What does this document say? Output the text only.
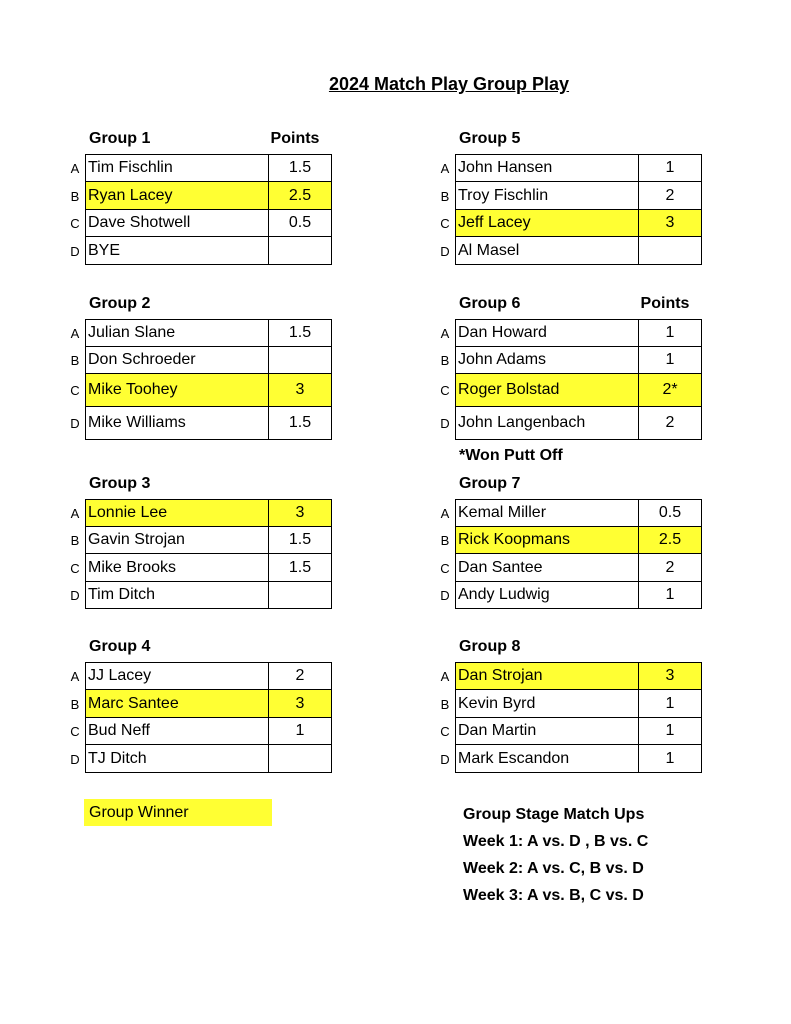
2024 Match Play Group Play
Group 1	Points
A Tim Fischlin	1.5
B Ryan Lacey	2.5
C Dave Shotwell	0.5
D BYE
Group 2
A Julian Slane	1.5
B Don Schroeder
C Mike Toohey	3
D Mike Williams	1.5
Group 3
A Lonnie Lee	3
B Gavin Strojan	1.5
C Mike Brooks	1.5
D Tim Ditch
Group 4
A JJ Lacey	2
B Marc Santee	3
C Bud Neff	1
D TJ Ditch
Group 5
A John Hansen	1
B Troy Fischlin	2
C Jeff Lacey	3
D Al Masel
Group 6	Points
A Dan Howard	1
B John Adams	1
C Roger Bolstad	2*
D John Langenbach	2
*Won Putt Off
Group 7
A Kemal Miller	0.5
B Rick Koopmans	2.5
C Dan Santee	2
D Andy Ludwig	1
Group 8
A Dan Strojan	3
B Kevin Byrd	1
C Dan Martin	1
D Mark Escandon	1
Group Winner	Group Stage Match Ups
Week 1: A vs. D , B vs. C
Week 2: A vs. C, B vs. D
Week 3: A vs. B, C vs. D
